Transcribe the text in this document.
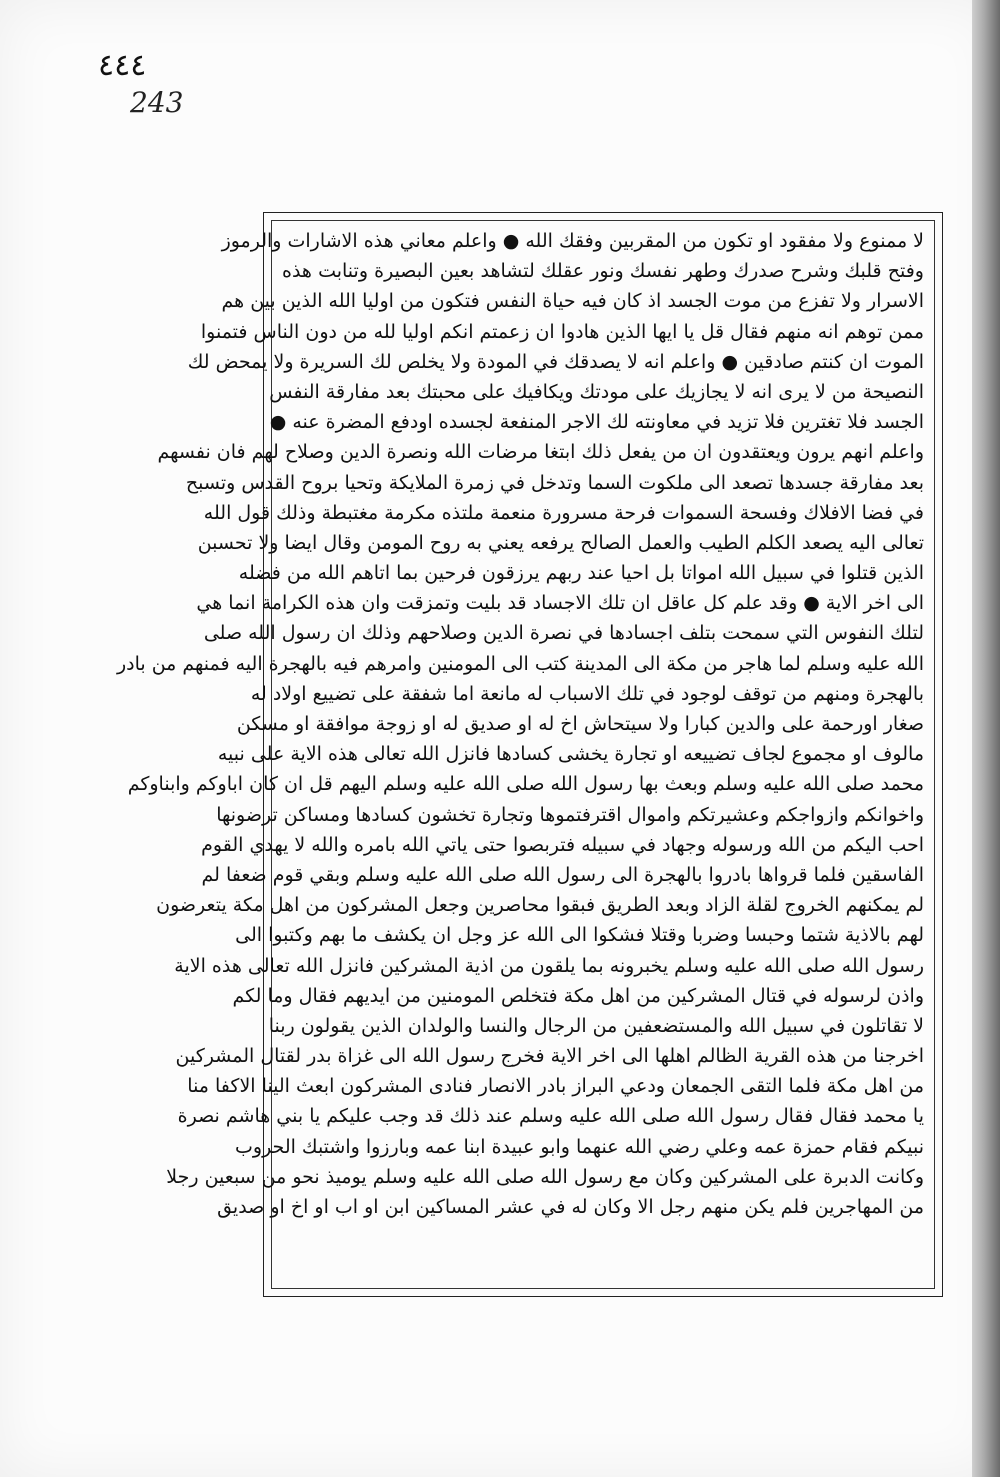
٤٤٤
243
لا ممنوع ولا مفقود او تكون من المقربين وفقك الله ● واعلم معاني هذه الاشارات والرموز
وفتح قلبك وشرح صدرك وطهر نفسك ونور عقلك لتشاهد بعين البصيرة وتنابت هذه
الاسرار ولا تفزع من موت الجسد اذ كان فيه حياة النفس فتكون من اوليا الله الذين بين هم
ممن توهم انه منهم فقال قل يا ايها الذين هادوا ان زعمتم انكم اوليا لله من دون الناس فتمنوا
الموت ان كنتم صادقين ● واعلم انه لا يصدقك في المودة ولا يخلص لك السريرة ولا يمحض لك
النصيحة من لا يرى انه لا يجازيك على مودتك ويكافيك على محبتك بعد مفارقة النفس
الجسد فلا تغترين فلا تزيد في معاونته لك الاجر المنفعة لجسده اودفع المضرة عنه ●
واعلم انهم يرون ويعتقدون ان من يفعل ذلك ابتغا مرضات الله ونصرة الدين وصلاح لهم فان نفسهم
بعد مفارقة جسدها تصعد الى ملكوت السما وتدخل في زمرة الملايكة وتحيا بروح القدس وتسبح
في فضا الافلاك وفسحة السموات فرحة مسرورة منعمة ملتذه مكرمة مغتبطة وذلك قول الله
تعالى اليه يصعد الكلم الطيب والعمل الصالح يرفعه يعني به روح المومن وقال ايضا ولا تحسبن
الذين قتلوا في سبيل الله امواتا بل احيا عند ربهم يرزقون فرحين بما اتاهم الله من فضله
الى اخر الاية ● وقد علم كل عاقل ان تلك الاجساد قد بليت وتمزقت وان هذه الكرامة انما هي
لتلك النفوس التي سمحت بتلف اجسادها في نصرة الدين وصلاحهم وذلك ان رسول الله صلى
الله عليه وسلم لما هاجر من مكة الى المدينة كتب الى المومنين وامرهم فيه بالهجرة اليه فمنهم من بادر
بالهجرة ومنهم من توقف لوجود في تلك الاسباب له مانعة اما شفقة على تضييع اولاد له
صغار اورحمة على والدين كبارا ولا سيتحاش اخ له او صديق له او زوجة موافقة او مسكن
مالوف او مجموع لجاف تضييعه او تجارة يخشى كسادها فانزل الله تعالى هذه الاية على نبيه
محمد صلى الله عليه وسلم وبعث بها رسول الله صلى الله عليه وسلم اليهم قل ان كان اباوكم وابناوكم
واخوانكم وازواجكم وعشيرتكم واموال اقترفتموها وتجارة تخشون كسادها ومساكن ترضونها
احب اليكم من الله ورسوله وجهاد في سبيله فتربصوا حتى ياتي الله بامره والله لا يهدي القوم
الفاسقين فلما قرواها بادروا بالهجرة الى رسول الله صلى الله عليه وسلم وبقي قوم ضعفا لم
لم يمكنهم الخروج لقلة الزاد وبعد الطريق فبقوا محاصرين وجعل المشركون من اهل مكة يتعرضون
لهم بالاذية شتما وحبسا وضربا وقتلا فشكوا الى الله عز وجل ان يكشف ما بهم وكتبوا الى
رسول الله صلى الله عليه وسلم يخبرونه بما يلقون من اذية المشركين فانزل الله تعالى هذه الاية
واذن لرسوله في قتال المشركين من اهل مكة فتخلص المومنين من ايديهم فقال وما لكم
لا تقاتلون في سبيل الله والمستضعفين من الرجال والنسا والولدان الذين يقولون ربنا
اخرجنا من هذه القرية الظالم اهلها الى اخر الاية فخرج رسول الله الى غزاة بدر لقتال المشركين
من اهل مكة فلما التقى الجمعان ودعي البراز بادر الانصار فنادى المشركون ابعث الينا الاكفا منا
يا محمد فقال فقال رسول الله صلى الله عليه وسلم عند ذلك قد وجب عليكم يا بني هاشم نصرة
نبيكم فقام حمزة عمه وعلي رضي الله عنهما وابو عبيدة ابنا عمه وبارزوا واشتبك الحروب
وكانت الدبرة على المشركين وكان مع رسول الله صلى الله عليه وسلم يوميذ نحو من سبعين رجلا
من المهاجرين فلم يكن منهم رجل الا وكان له في عشر المساكين ابن او اب او اخ او صديق
